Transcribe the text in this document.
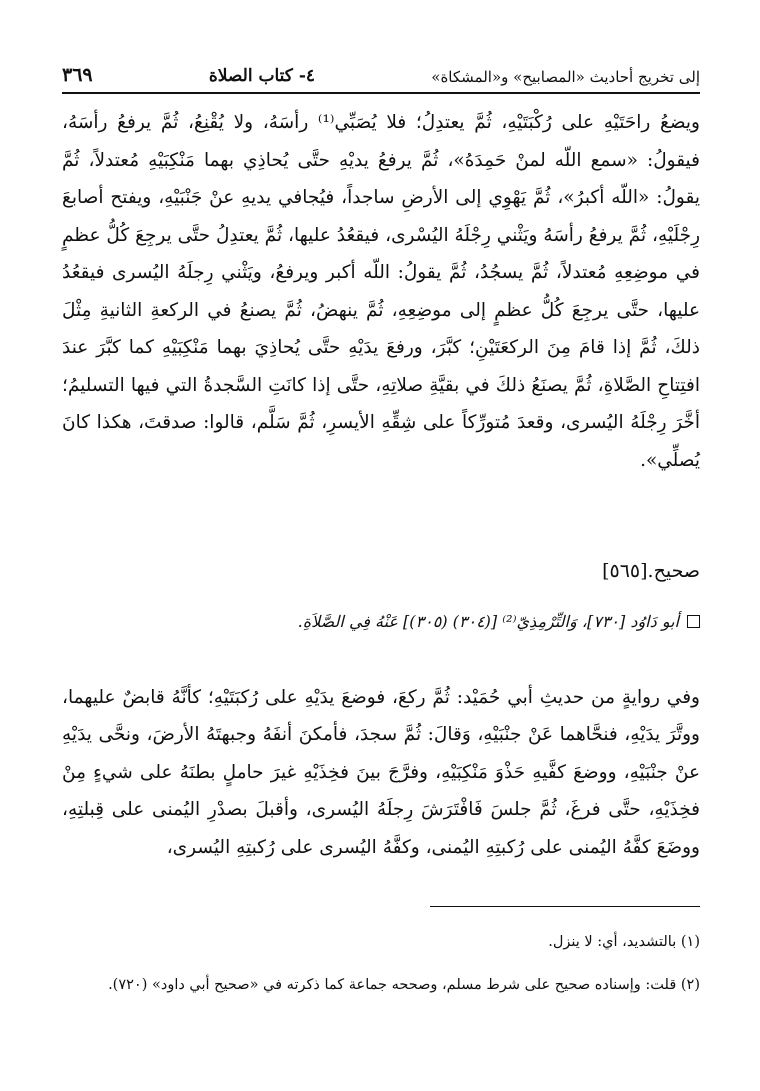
إلى تخريج أحاديث «المصابيح» و«المشكاة»
٤- كتاب الصلاة
٣٦٩

ويضعُ راحَتَيْهِ على رُكْبَتَيْهِ، ثُمَّ يعتدِلُ؛ فلا يُصَبِّي⁽¹⁾ رأسَهُ، ولا يُقْنِعُ، ثُمَّ يرفعُ رأسَهُ، فيقولُ: «سمع اللّه لمنْ حَمِدَهُ»، ثُمَّ يرفعُ يديْهِ حتَّى يُحاذِي بهما مَنْكِبَيْهِ مُعتدلاً، ثُمَّ يقولُ: «اللّه أكبرُ»، ثُمَّ يَهْوِي إلى الأرضِ ساجداً، فيُجافي يديهِ عنْ جَنْبَيْهِ، ويفتح أصابعَ رِجْلَيْهِ، ثُمَّ يرفعُ رأسَهُ ويَثْني رِجْلَهُ اليُسْرى، فيقعُدُ عليها، ثُمَّ يعتدِلُ حتَّى يرجِعَ كُلُّ عظمٍ في موضِعِهِ مُعتدلاً، ثُمَّ يسجُدُ، ثُمَّ يقولُ: اللّه أكبر ويرفعُ، ويَثْني رِجلَهُ اليُسرى فيقعُدُ عليها، حتَّى يرجِعَ كُلُّ عظمٍ إلى موضِعِهِ، ثُمَّ ينهضُ، ثُمَّ يصنعُ في الركعةِ الثانيةِ مِثْلَ ذلكَ، ثُمَّ إذا قامَ مِنَ الركعَتَيْنِ؛ كبَّرَ، ورفعَ يدَيْهِ حتَّى يُحاذِيَ بهما مَنْكِبَيْهِ كما كبَّرَ عندَ افتِتاحِ الصَّلاةِ، ثُمَّ يصنَعُ ذلكَ في بقيَّةِ صلاتِهِ، حتَّى إذا كانَتِ السَّجدةُ التي فيها التسليمُ؛ أخَّرَ رِجْلَهُ اليُسرى، وقعدَ مُتورِّكاً على شِقِّهِ الأيسرِ، ثُمَّ سَلَّم، قالوا: صدقتَ، هكذا كانَ يُصلِّي».

صحيح.[٥٦٥]
أبو دَاوُد [٧٣٠]، وَالتِّرْمِذِيّ⁽²⁾ [(٣٠٤) (٣٠٥)] عَنْهُ فِي الصَّلاَةِ.

وفي روايةٍ من حديثِ أبي حُمَيْد: ثُمَّ ركعَ، فوضعَ يدَيْهِ على رُكبَتَيْهِ؛ كأنَّهُ قابضٌ عليهما، ووتَّرَ يدَيْهِ، فنحَّاهما عَنْ جنْبَيْهِ، وَقالَ: ثُمَّ سجدَ، فأمكنَ أنفَهُ وجبهتَهُ الأرضَ، ونحَّى يدَيْهِ عنْ جنْبَيْهِ، ووضعَ كفَّيهِ حَذْوَ مَنْكِبَيْهِ، وفرَّجَ بينَ فخِذَيْهِ غيرَ حاملٍ بطنَهُ على شيءٍ مِنْ فخِذَيْهِ، حتَّى فرغَ، ثُمَّ جلسَ فَافْتَرَشَ رِجلَهُ اليُسرى، وأقبلَ بصدْرِ اليُمنى على قِبلتِهِ، ووضَعَ كفَّهُ اليُمنى على رُكبتِهِ اليُمنى، وكفَّهُ اليُسرى على رُكبتِهِ اليُسرى،

(١) بالتشديد، أي: لا ينزل.

(٢) قلت: وإسناده صحيح على شرط مسلم، وصححه جماعة كما ذكرته في «صحيح أبي داود» (٧٢٠).
